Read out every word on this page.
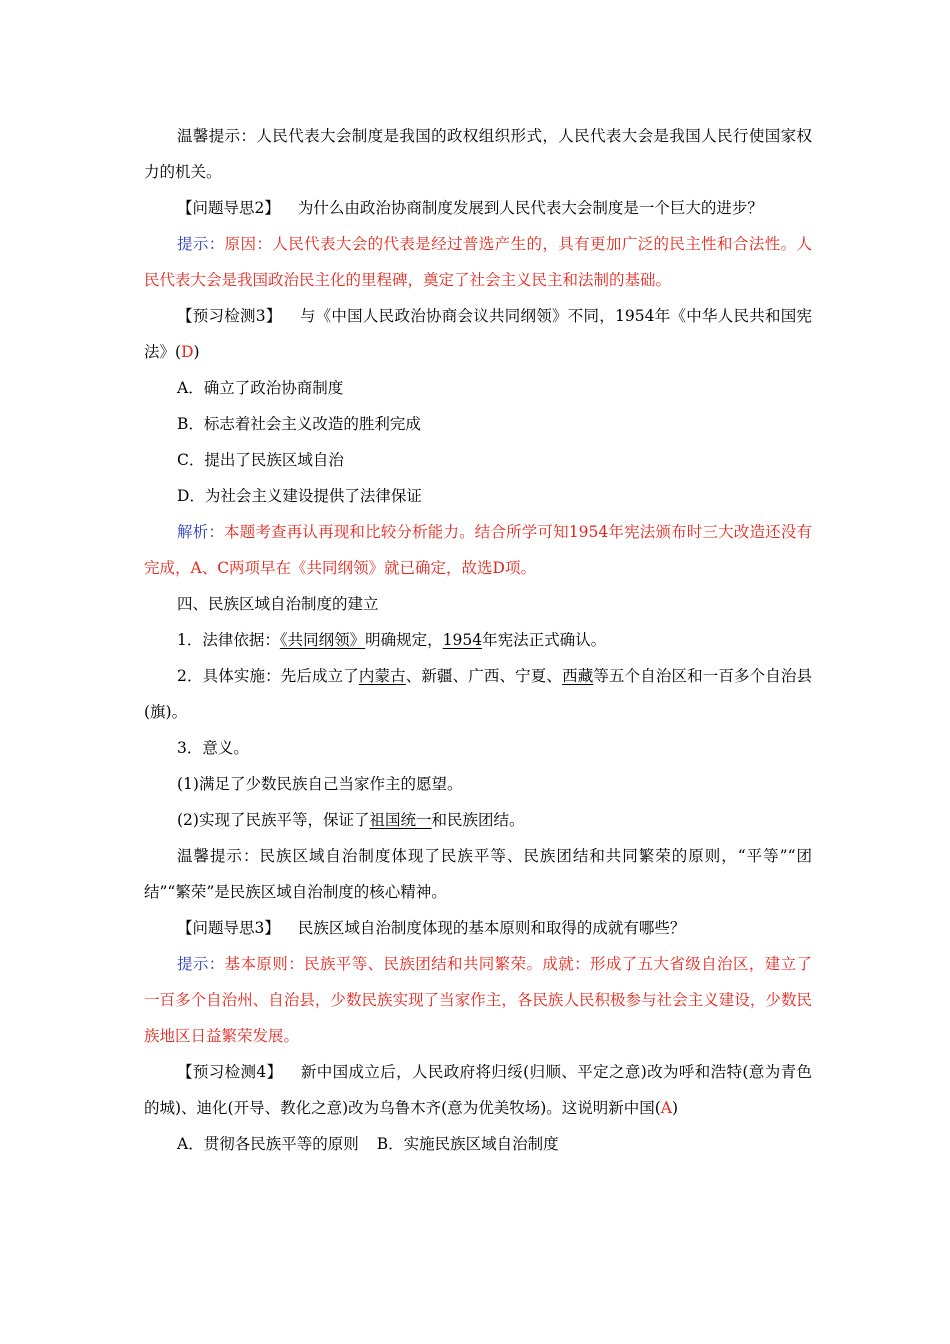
温馨提示：人民代表大会制度是我国的政权组织形式，人民代表大会是我国人民行使国家权力的机关。

【问题导思2】 为什么由政治协商制度发展到人民代表大会制度是一个巨大的进步？

提示：原因：人民代表大会的代表是经过普选产生的，具有更加广泛的民主性和合法性。人民代表大会是我国政治民主化的里程碑，奠定了社会主义民主和法制的基础。

【预习检测3】 与《中国人民政治协商会议共同纲领》不同，1954年《中华人民共和国宪法》(D)

A．确立了政治协商制度

B．标志着社会主义改造的胜利完成

C．提出了民族区域自治

D．为社会主义建设提供了法律保证

解析：本题考查再认再现和比较分析能力。结合所学可知1954年宪法颁布时三大改造还没有完成，A、C两项早在《共同纲领》就已确定，故选D项。

四、民族区域自治制度的建立

1．法律依据：《共同纲领》明确规定，1954年宪法正式确认。

2．具体实施：先后成立了内蒙古、新疆、广西、宁夏、西藏等五个自治区和一百多个自治县(旗)。

3．意义。

(1)满足了少数民族自己当家作主的愿望。

(2)实现了民族平等，保证了祖国统一和民族团结。

温馨提示：民族区域自治制度体现了民族平等、民族团结和共同繁荣的原则，“平等”“团结”“繁荣”是民族区域自治制度的核心精神。

【问题导思3】 民族区域自治制度体现的基本原则和取得的成就有哪些？

提示：基本原则：民族平等、民族团结和共同繁荣。成就：形成了五大省级自治区，建立了一百多个自治州、自治县，少数民族实现了当家作主，各民族人民积极参与社会主义建设，少数民族地区日益繁荣发展。

【预习检测4】 新中国成立后，人民政府将归绥(归顺、平定之意)改为呼和浩特(意为青色的城)、迪化(开导、教化之意)改为乌鲁木齐(意为优美牧场)。这说明新中国(A)

A．贯彻各民族平等的原则 B．实施民族区域自治制度
